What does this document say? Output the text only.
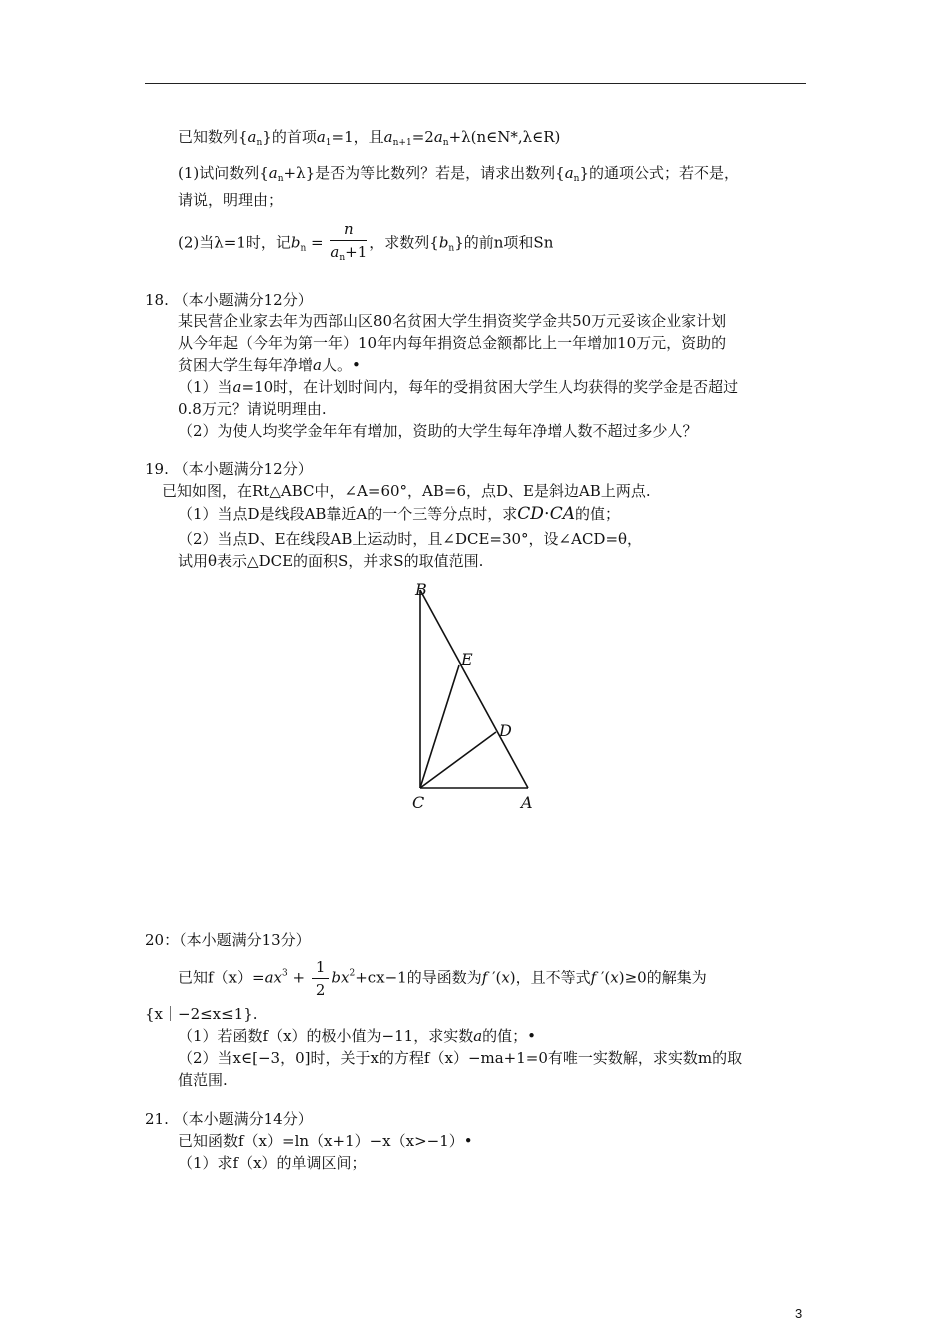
已知数列$\{a_n\}$的首项$a_1=1$，且$a_{n+1}=2a_n+\lambda(n\in N*,\lambda\in R)$
(1)试问数列$\{a_n+\lambda\}$是否为等比数列？若是，请求出数列$\{a_n\}$的通项公式；若不是，
请说，明理由；
(2)当λ=1时，记$b_n = \frac{n}{a_n+1}$ ，求数列$\{b_n\}$的前n项和Sn
18. （本小题满分12分）
某民营企业家去年为西部山区80名贫困大学生捐资奖学金共50万元妥该企业家计划
从今年起（今年为第一年）10年内每年捐资总金额都比上一年增加10万元，资助的
贫困大学生每年净增a人。•
（1）当a=10时，在计划时间内，每年的受捐贫困大学生人均获得的奖学金是否超过
0.8万元？请说明理由.
（2）为使人均奖学金年年有增加，资助的大学生每年净增人数不超过多少人？
19. （本小题满分12分）
已知如图，在Rt△ABC中，∠A=60°，AB=6，点D、E是斜边AB上两点.
（1）当点D是线段AB靠近A的一个三等分点时，求CD⋅CA的值；
（2）当点D、E在线段AB上运动时，且∠DCE=30°，设∠ACD=θ，
试用θ表示△DCE的面积S，并求S的取值范围.
B
E
D
C	A
20：（本小题满分13分）
已知$f(x)=ax^3 + \frac{1}{2} bx^2+cx-1$的导函数为f ′(x)，且不等式f ′(x)≥0的解集为
{x｜−2≤x≤1}.
（1）若函数f（x）的极小值为−11，求实数a的值；•
（2）当x∈[−3，0]时，关于x的方程f（x）−ma+1=0有唯一实数解，求实数m的取
值范围.
21. （本小题满分14分）
已知函数f（x）=ln（x+1）−x（x>−1）•
（1）求f（x）的单调区间；
3
